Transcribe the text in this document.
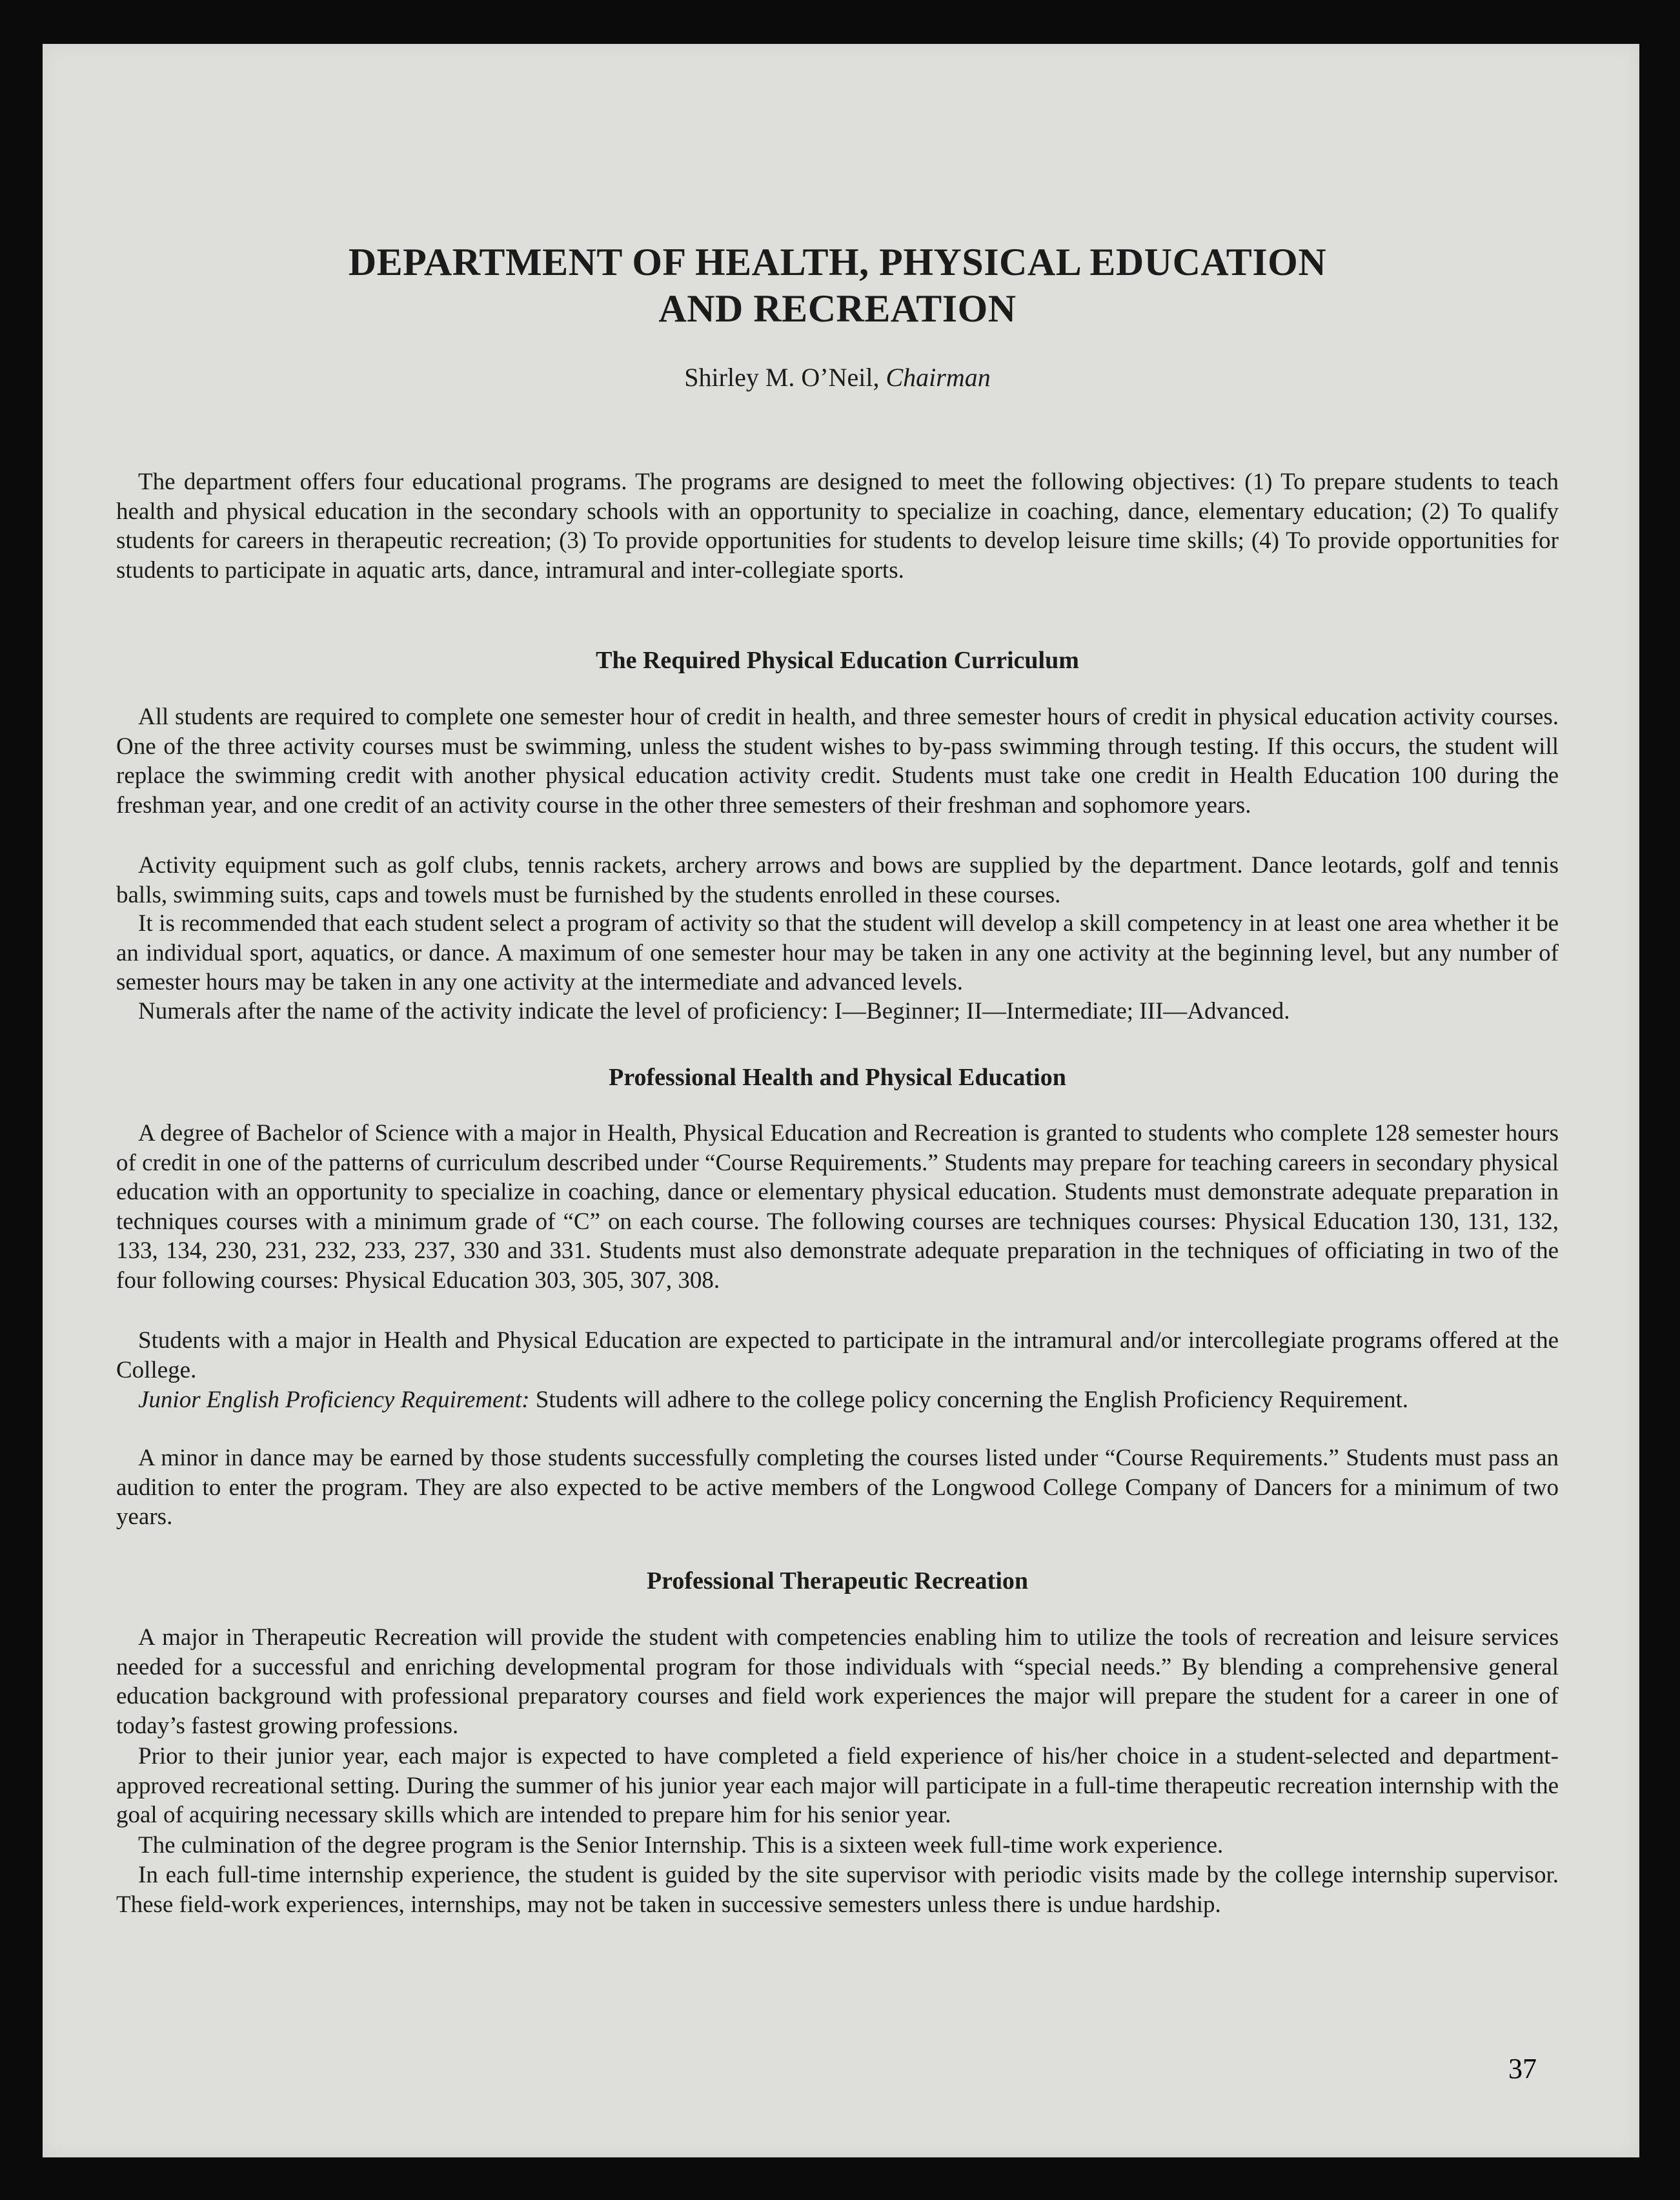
DEPARTMENT OF HEALTH, PHYSICAL EDUCATION
AND RECREATION
Shirley M. O’Neil, Chairman

The department offers four educational programs. The programs are designed to meet the following objectives: (1) To prepare students to teach health and physical education in the secondary schools with an opportunity to specialize in coaching, dance, elementary education; (2) To qualify students for careers in therapeutic recreation; (3) To provide opportunities for students to develop leisure time skills; (4) To provide opportunities for students to participate in aquatic arts, dance, intramural and inter-collegiate sports.

The Required Physical Education Curriculum

All students are required to complete one semester hour of credit in health, and three semester hours of credit in physical education activity courses. One of the three activity courses must be swimming, unless the student wishes to by-pass swimming through testing. If this occurs, the student will replace the swimming credit with another physical education activity credit. Students must take one credit in Health Education 100 during the freshman year, and one credit of an activity course in the other three semesters of their freshman and sophomore years.

Activity equipment such as golf clubs, tennis rackets, archery arrows and bows are supplied by the department. Dance leotards, golf and tennis balls, swimming suits, caps and towels must be furnished by the students enrolled in these courses.

It is recommended that each student select a program of activity so that the student will develop a skill competency in at least one area whether it be an individual sport, aquatics, or dance. A maximum of one semester hour may be taken in any one activity at the beginning level, but any number of semester hours may be taken in any one activity at the intermediate and advanced levels.

Numerals after the name of the activity indicate the level of proficiency: I—Beginner; II—Intermediate; III—Advanced.

Professional Health and Physical Education

A degree of Bachelor of Science with a major in Health, Physical Education and Recreation is granted to students who complete 128 semester hours of credit in one of the patterns of curriculum described under “Course Requirements.” Students may prepare for teaching careers in secondary physical education with an opportunity to specialize in coaching, dance or elementary physical education. Students must demonstrate adequate preparation in techniques courses with a minimum grade of “C” on each course. The following courses are techniques courses: Physical Education 130, 131, 132, 133, 134, 230, 231, 232, 233, 237, 330 and 331. Students must also demonstrate adequate preparation in the techniques of officiating in two of the four following courses: Physical Education 303, 305, 307, 308.

Students with a major in Health and Physical Education are expected to participate in the intramural and/or intercollegiate programs offered at the College.

Junior English Proficiency Requirement: Students will adhere to the college policy concerning the English Proficiency Requirement.

A minor in dance may be earned by those students successfully completing the courses listed under “Course Requirements.” Students must pass an audition to enter the program. They are also expected to be active members of the Longwood College Company of Dancers for a minimum of two years.

Professional Therapeutic Recreation

A major in Therapeutic Recreation will provide the student with competencies enabling him to utilize the tools of recreation and leisure services needed for a successful and enriching developmental program for those individuals with “special needs.” By blending a comprehensive general education background with professional preparatory courses and field work experiences the major will prepare the student for a career in one of today’s fastest growing professions.

Prior to their junior year, each major is expected to have completed a field experience of his/her choice in a student-selected and department-approved recreational setting. During the summer of his junior year each major will participate in a full-time therapeutic recreation internship with the goal of acquiring necessary skills which are intended to prepare him for his senior year.

The culmination of the degree program is the Senior Internship. This is a sixteen week full-time work experience.

In each full-time internship experience, the student is guided by the site supervisor with periodic visits made by the college internship supervisor. These field-work experiences, internships, may not be taken in successive semesters unless there is undue hardship.

37
